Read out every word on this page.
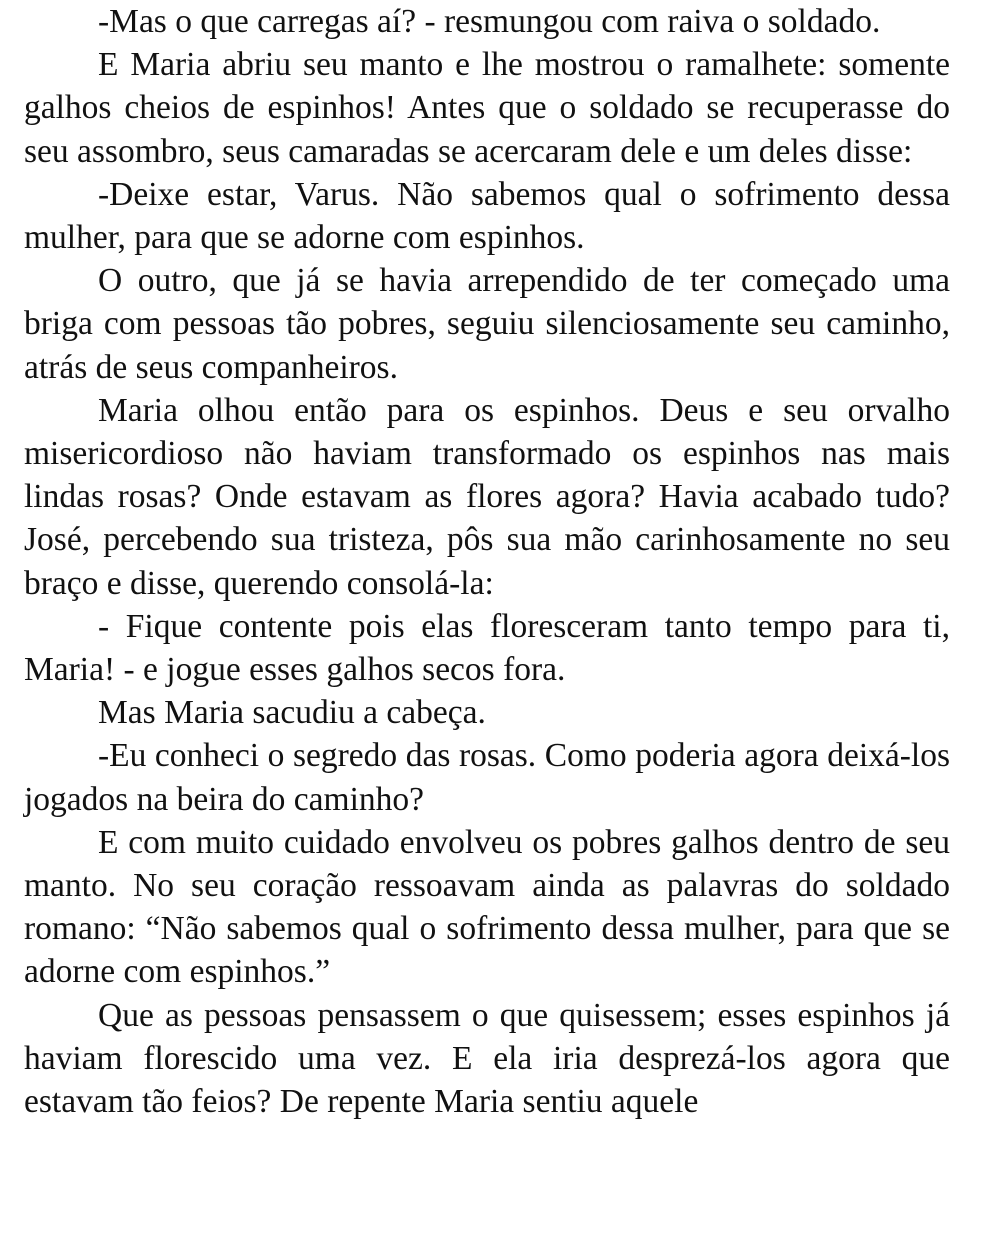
-Mas o que carregas aí? - resmungou com raiva o soldado.

E Maria abriu seu manto e lhe mostrou o ramalhete: somente galhos cheios de espinhos! Antes que o soldado se recuperasse do seu assombro, seus camaradas se acercaram dele e um deles disse:

-Deixe estar, Varus. Não sabemos qual o sofrimento dessa mulher, para que se adorne com espinhos.

O outro, que já se havia arrependido de ter começado uma briga com pessoas tão pobres, seguiu silenciosamente seu caminho, atrás de seus companheiros.

Maria olhou então para os espinhos. Deus e seu orvalho misericordioso não haviam transformado os espinhos nas mais lindas rosas? Onde estavam as flores agora? Havia acabado tudo? José, percebendo sua tristeza, pôs sua mão carinhosamente no seu braço e disse, querendo consolá-la:

- Fique contente pois elas floresceram tanto tempo para ti, Maria! - e jogue esses galhos secos fora.

Mas Maria sacudiu a cabeça.

-Eu conheci o segredo das rosas. Como poderia agora deixá-los jogados na beira do caminho?

E com muito cuidado envolveu os pobres galhos dentro de seu manto. No seu coração ressoavam ainda as palavras do soldado romano: “Não sabemos qual o sofrimento dessa mulher, para que se adorne com espinhos.”

Que as pessoas pensassem o que quisessem; esses espinhos já haviam florescido uma vez. E ela iria desprezá-los agora que estavam tão feios? De repente Maria sentiu aquele
